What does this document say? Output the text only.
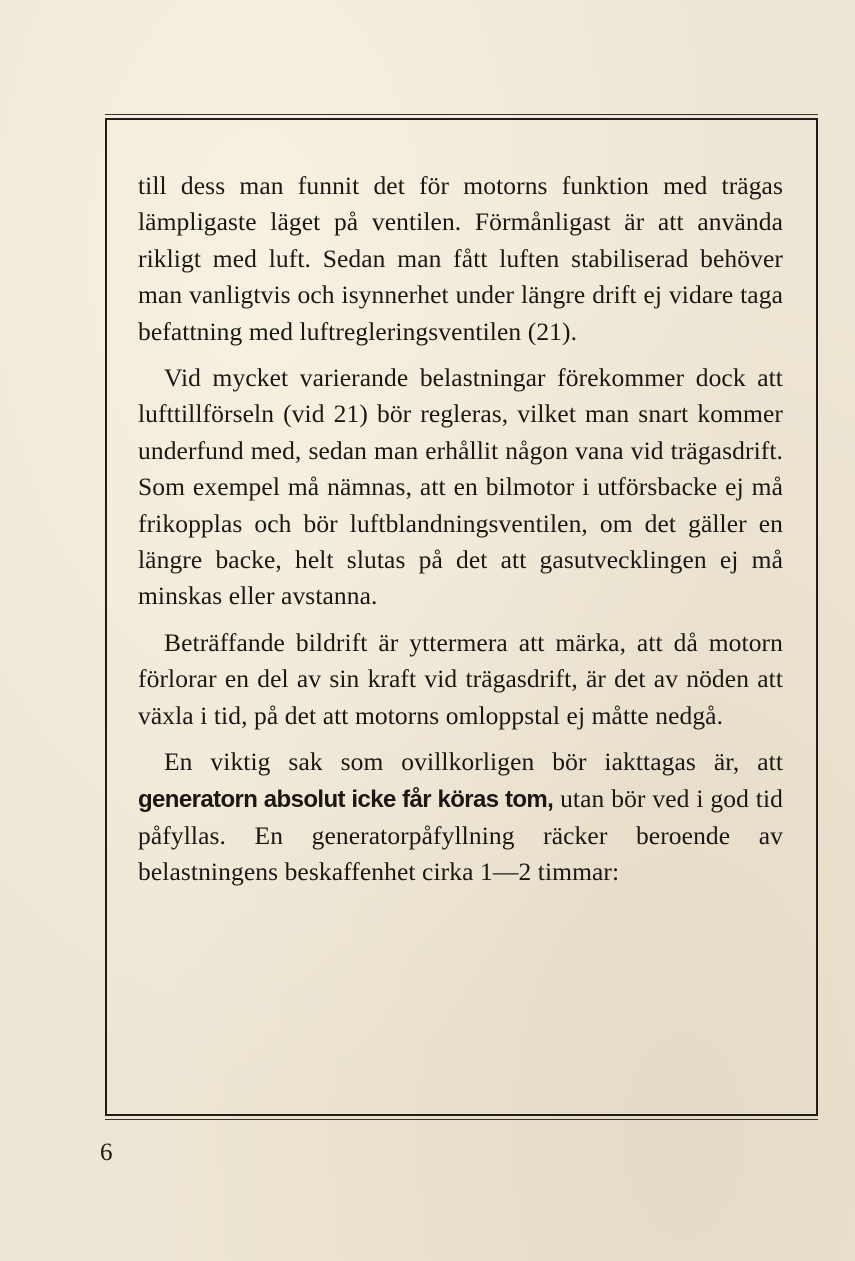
till dess man funnit det för motorns funktion med trägas lämpligaste läget på ventilen. Förmånligast är att använda rikligt med luft. Sedan man fått luften stabiliserad behöver man vanligtvis och isynnerhet under längre drift ej vidare taga befattning med luftregleringsventilen (21).

Vid mycket varierande belastningar förekommer dock att lufttillförseln (vid 21) bör regleras, vilket man snart kommer underfund med, sedan man erhållit någon vana vid trägasdrift. Som exempel må nämnas, att en bilmotor i utförsbacke ej må frikopplas och bör luftblandningsventilen, om det gäller en längre backe, helt slutas på det att gasutvecklingen ej må minskas eller avstanna.

Beträffande bildrift är yttermera att märka, att då motorn förlorar en del av sin kraft vid trägasdrift, är det av nöden att växla i tid, på det att motorns omloppstal ej måtte nedgå.

En viktig sak som ovillkorligen bör iakttagas är, att generatorn absolut icke får köras tom, utan bör ved i god tid påfyllas. En generatorpåfyllning räcker beroende av belastningens beskaffenhet cirka 1—2 timmar:

6
